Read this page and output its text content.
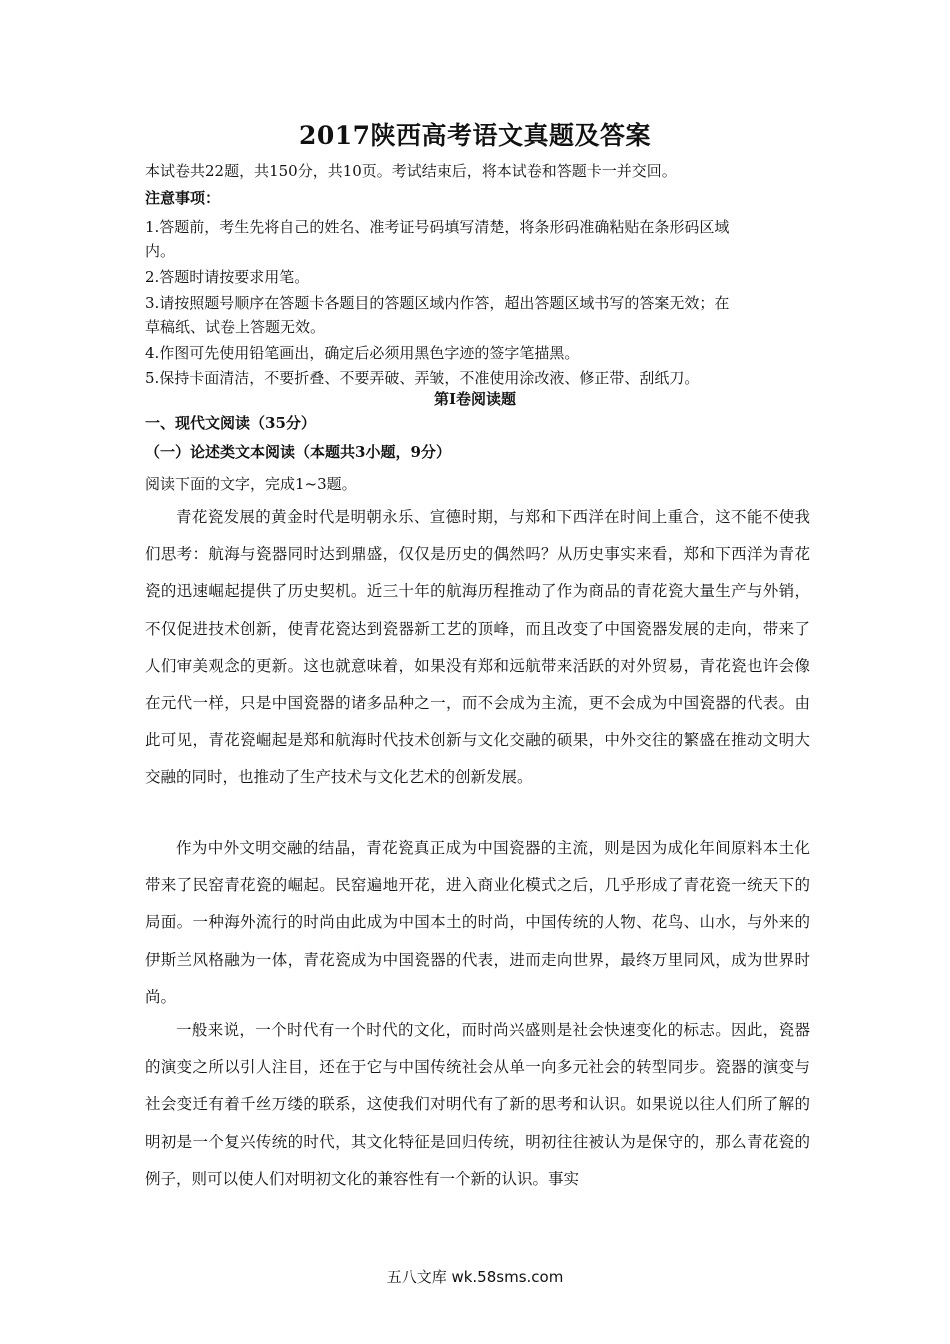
2017陕西高考语文真题及答案
本试卷共22题，共150分，共10页。考试结束后，将本试卷和答题卡一并交回。
注意事项：
1.答题前，考生先将自己的姓名、准考证号码填写清楚，将条形码准确粘贴在条形码区域
内。
2.答题时请按要求用笔。
3.请按照题号顺序在答题卡各题目的答题区域内作答，超出答题区域书写的答案无效；在
草稿纸、试卷上答题无效。
4.作图可先使用铅笔画出，确定后必须用黑色字迹的签字笔描黑。
5.保持卡面清洁，不要折叠、不要弄破、弄皱，不准使用涂改液、修正带、刮纸刀。
第Ⅰ卷阅读题
一、现代文阅读（35分）
（一）论述类文本阅读（本题共3小题，9分）
阅读下面的文字，完成1~3题。
青花瓷发展的黄金时代是明朝永乐、宣德时期，与郑和下西洋在时间上重合，这不能不使我们思考：航海与瓷器同时达到鼎盛，仅仅是历史的偶然吗？从历史事实来看，郑和下西洋为青花瓷的迅速崛起提供了历史契机。近三十年的航海历程推动了作为商品的青花瓷大量生产与外销，不仅促进技术创新，使青花瓷达到瓷器新工艺的顶峰，而且改变了中国瓷器发展的走向，带来了人们审美观念的更新。这也就意味着，如果没有郑和远航带来活跃的对外贸易，青花瓷也许会像在元代一样，只是中国瓷器的诸多品种之一，而不会成为主流，更不会成为中国瓷器的代表。由此可见，青花瓷崛起是郑和航海时代技术创新与文化交融的硕果，中外交往的繁盛在推动文明大交融的同时，也推动了生产技术与文化艺术的创新发展。
作为中外文明交融的结晶，青花瓷真正成为中国瓷器的主流，则是因为成化年间原料本土化带来了民窑青花瓷的崛起。民窑遍地开花，进入商业化模式之后，几乎形成了青花瓷一统天下的局面。一种海外流行的时尚由此成为中国本土的时尚，中国传统的人物、花鸟、山水，与外来的伊斯兰风格融为一体，青花瓷成为中国瓷器的代表，进而走向世界，最终万里同风，成为世界时尚。
一般来说，一个时代有一个时代的文化，而时尚兴盛则是社会快速变化的标志。因此，瓷器的演变之所以引人注目，还在于它与中国传统社会从单一向多元社会的转型同步。瓷器的演变与社会变迁有着千丝万缕的联系，这使我们对明代有了新的思考和认识。如果说以往人们所了解的明初是一个复兴传统的时代，其文化特征是回归传统，明初往往被认为是保守的，那么青花瓷的例子，则可以使人们对明初文化的兼容性有一个新的认识。事实
五八文库 wk.58sms.com
